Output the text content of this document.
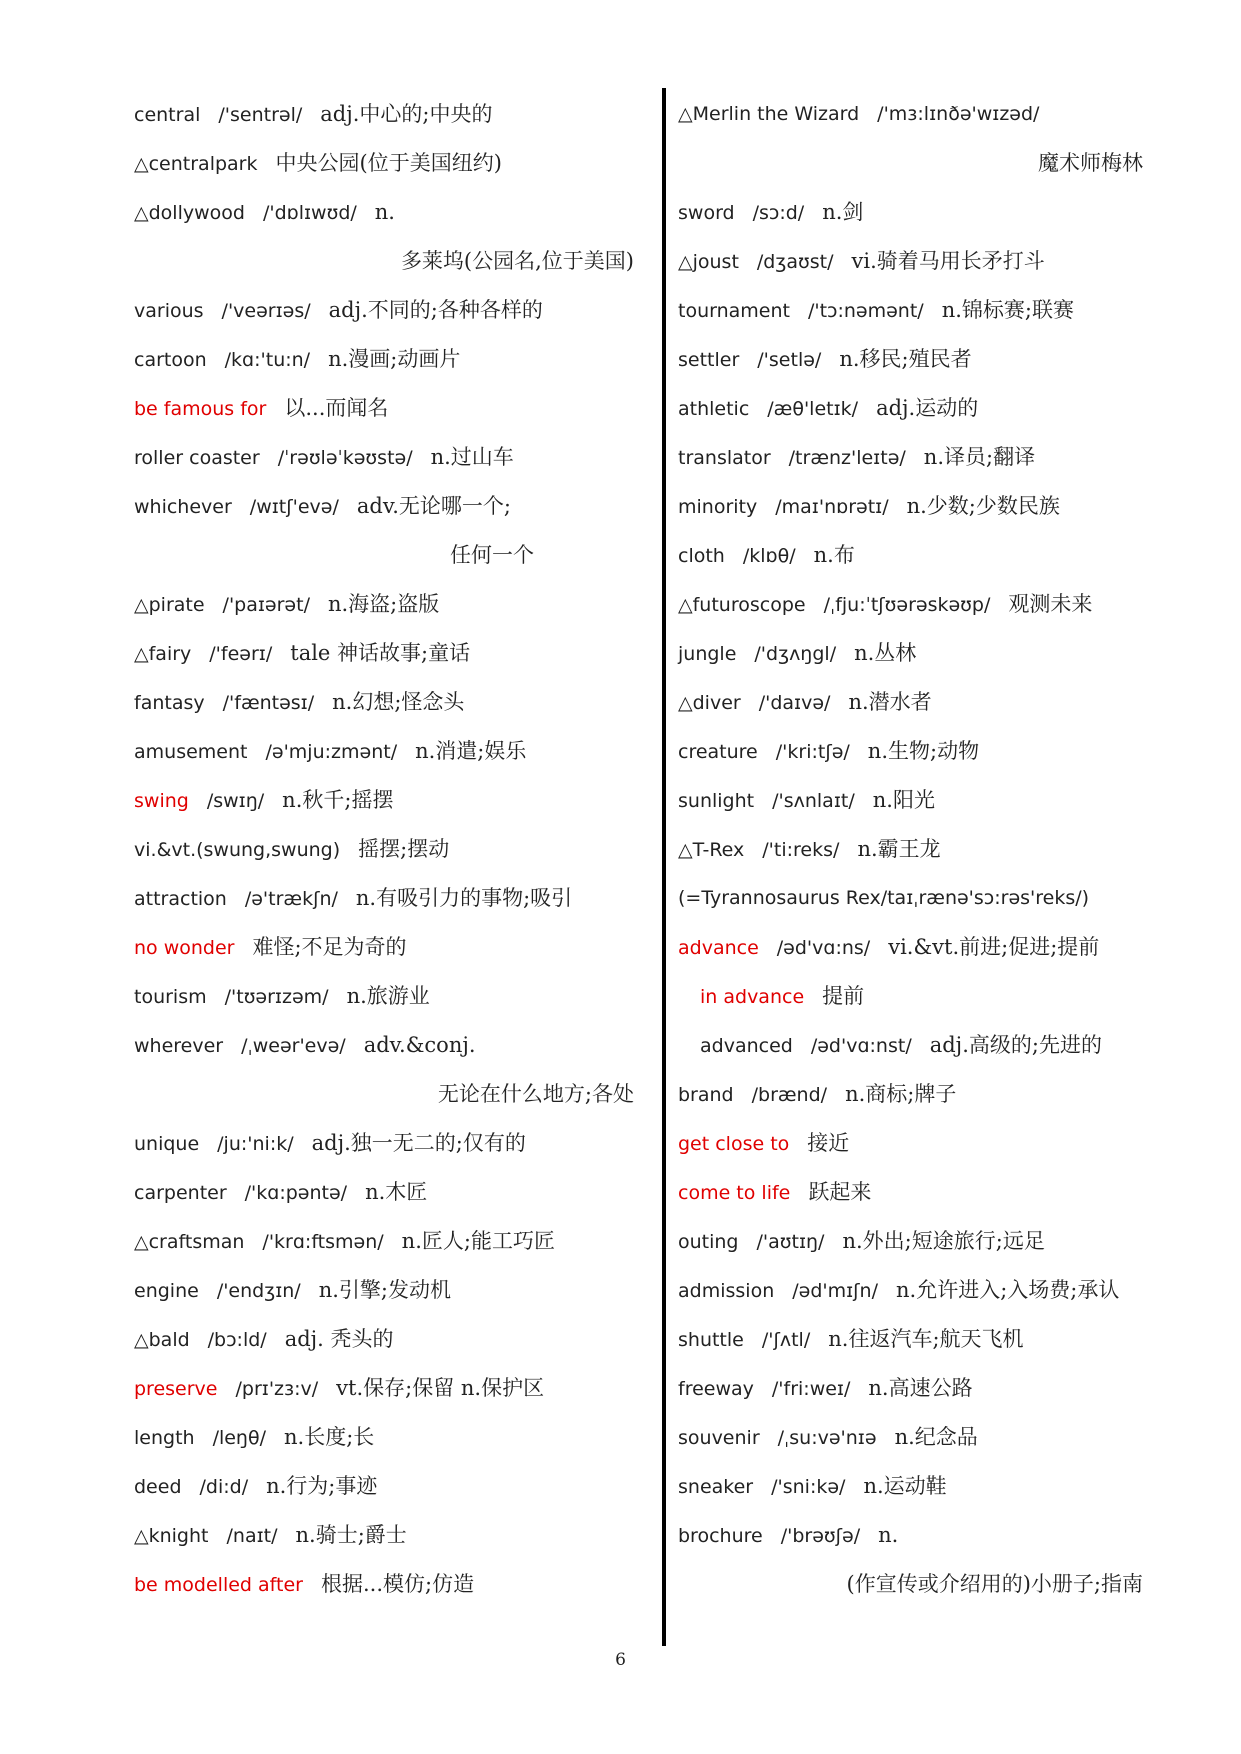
central /'sentrəl/ adj.中心的;中央的
△centralpark 中央公园(位于美国纽约)
△dollywood /'dɒlɪwʊd/ n.
多莱坞(公园名,位于美国)
various /'veərɪəs/ adj.不同的;各种各样的
cartoon /kɑ:'tu:n/ n.漫画;动画片
be famous for 以...而闻名
roller coaster /ˈrəʊləˈkəʊstə/ n.过山车
whichever /wɪtʃ'evə/ adv.无论哪一个;
任何一个
△pirate /'paɪərət/ n.海盗;盗版
△fairy /'feərɪ/ tale 神话故事;童话
fantasy /'fæntəsɪ/ n.幻想;怪念头
amusement /ə'mju:zmənt/ n.消遣;娱乐
swing /swɪŋ/ n.秋千;摇摆
vi.&vt.(swung,swung) 摇摆;摆动
attraction /ə'trækʃn/ n.有吸引力的事物;吸引
no wonder 难怪;不足为奇的
tourism /'tʊərɪzəm/ n.旅游业
wherever /ˌweər'evə/ adv.&conj.
无论在什么地方;各处
unique /ju:'ni:k/ adj.独一无二的;仅有的
carpenter /'kɑ:pəntə/ n.木匠
△craftsman /'krɑ:ftsmən/ n.匠人;能工巧匠
engine /'endʒɪn/ n.引擎;发动机
△bald /bɔ:ld/ adj. 秃头的
preserve /prɪ'zɜ:v/ vt.保存;保留 n.保护区
length /leŋθ/ n.长度;长
deed /di:d/ n.行为;事迹
△knight /naɪt/ n.骑士;爵士
be modelled after 根据...模仿;仿造
△Merlin the Wizard /'mɜ:lɪnðə'wɪzəd/
魔术师梅林
sword /sɔ:d/ n.剑
△joust /dʒaʊst/ vi.骑着马用长矛打斗
tournament /'tɔ:nəmənt/ n.锦标赛;联赛
settler /'setlə/ n.移民;殖民者
athletic /æθ'letɪk/ adj.运动的
translator /trænz'leɪtə/ n.译员;翻译
minority /maɪ'nɒrətɪ/ n.少数;少数民族
cloth /klɒθ/ n.布
△futuroscope /ˌfju:ˈtʃʊərəskəʊp/ 观测未来
jungle /'dʒʌŋgl/ n.丛林
△diver /'daɪvə/ n.潜水者
creature /'kri:tʃə/ n.生物;动物
sunlight /'sʌnlaɪt/ n.阳光
△T-Rex /'ti:reks/ n.霸王龙
(=Tyrannosaurus Rex/taɪˌrænə'sɔ:rəs'reks/)
advance /əd'vɑ:ns/ vi.&vt.前进;促进;提前
in advance 提前
advanced /əd'vɑ:nst/ adj.高级的;先进的
brand /brænd/ n.商标;牌子
get close to 接近
come to life 跃起来
outing /'aʊtɪŋ/ n.外出;短途旅行;远足
admission /əd'mɪʃn/ n.允许进入;入场费;承认
shuttle /'ʃʌtl/ n.往返汽车;航天飞机
freeway /'fri:weɪ/ n.高速公路
souvenir /ˌsu:və'nɪə n.纪念品
sneaker /'sni:kə/ n.运动鞋
brochure /'brəʊʃə/ n.
(作宣传或介绍用的)小册子;指南
6
